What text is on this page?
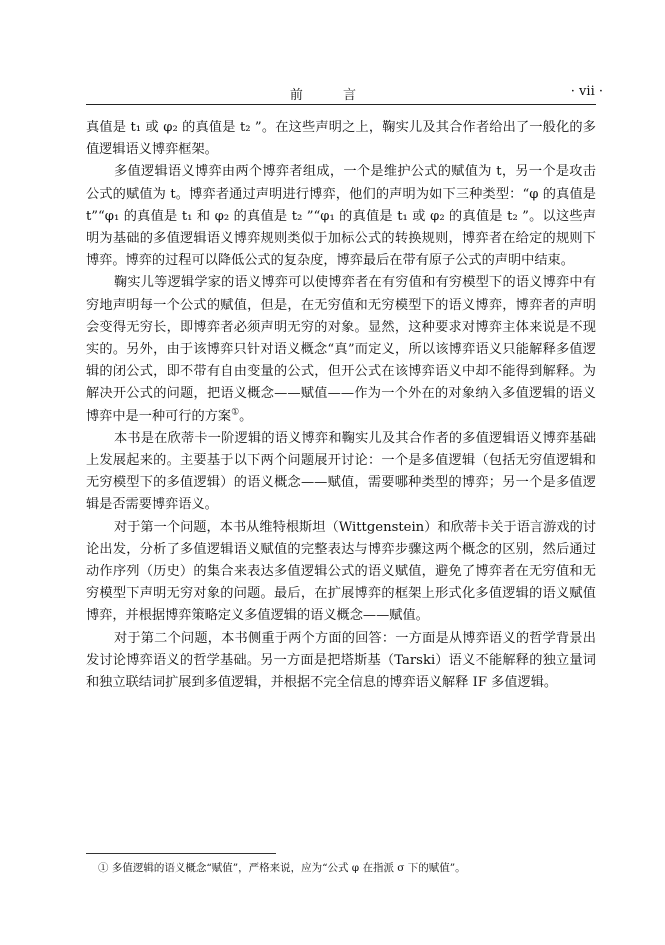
前 言	· vii ·

真值是 t₁ 或 φ₂ 的真值是 t₂ ”。在这些声明之上，鞠实儿及其合作者给出了一般化的多值逻辑语义博弈框架。

多值逻辑语义博弈由两个博弈者组成，一个是维护公式的赋值为 t，另一个是攻击公式的赋值为 t。博弈者通过声明进行博弈，他们的声明为如下三种类型：“φ 的真值是 t”“φ₁ 的真值是 t₁ 和 φ₂ 的真值是 t₂ ”“φ₁ 的真值是 t₁ 或 φ₂ 的真值是 t₂ ”。以这些声明为基础的多值逻辑语义博弈规则类似于加标公式的转换规则，博弈者在给定的规则下博弈。博弈的过程可以降低公式的复杂度，博弈最后在带有原子公式的声明中结束。

鞠实儿等逻辑学家的语义博弈可以使博弈者在有穷值和有穷模型下的语义博弈中有穷地声明每一个公式的赋值，但是，在无穷值和无穷模型下的语义博弈，博弈者的声明会变得无穷长，即博弈者必须声明无穷的对象。显然，这种要求对博弈主体来说是不现实的。另外，由于该博弈只针对语义概念“真”而定义，所以该博弈语义只能解释多值逻辑的闭公式，即不带有自由变量的公式，但开公式在该博弈语义中却不能得到解释。为解决开公式的问题，把语义概念——赋值——作为一个外在的对象纳入多值逻辑的语义博弈中是一种可行的方案①。

本书是在欣蒂卡一阶逻辑的语义博弈和鞠实儿及其合作者的多值逻辑语义博弈基础上发展起来的。主要基于以下两个问题展开讨论：一个是多值逻辑（包括无穷值逻辑和无穷模型下的多值逻辑）的语义概念——赋值，需要哪种类型的博弈；另一个是多值逻辑是否需要博弈语义。

对于第一个问题，本书从维特根斯坦（Wittgenstein）和欣蒂卡关于语言游戏的讨论出发，分析了多值逻辑语义赋值的完整表达与博弈步骤这两个概念的区别，然后通过动作序列（历史）的集合来表达多值逻辑公式的语义赋值，避免了博弈者在无穷值和无穷模型下声明无穷对象的问题。最后，在扩展博弈的框架上形式化多值逻辑的语义赋值博弈，并根据博弈策略定义多值逻辑的语义概念——赋值。

对于第二个问题，本书侧重于两个方面的回答：一方面是从博弈语义的哲学背景出发讨论博弈语义的哲学基础。另一方面是把塔斯基（Tarski）语义不能解释的独立量词和独立联结词扩展到多值逻辑，并根据不完全信息的博弈语义解释 IF 多值逻辑。

① 多值逻辑的语义概念“赋值”，严格来说，应为“公式 φ 在指派 σ 下的赋值”。
